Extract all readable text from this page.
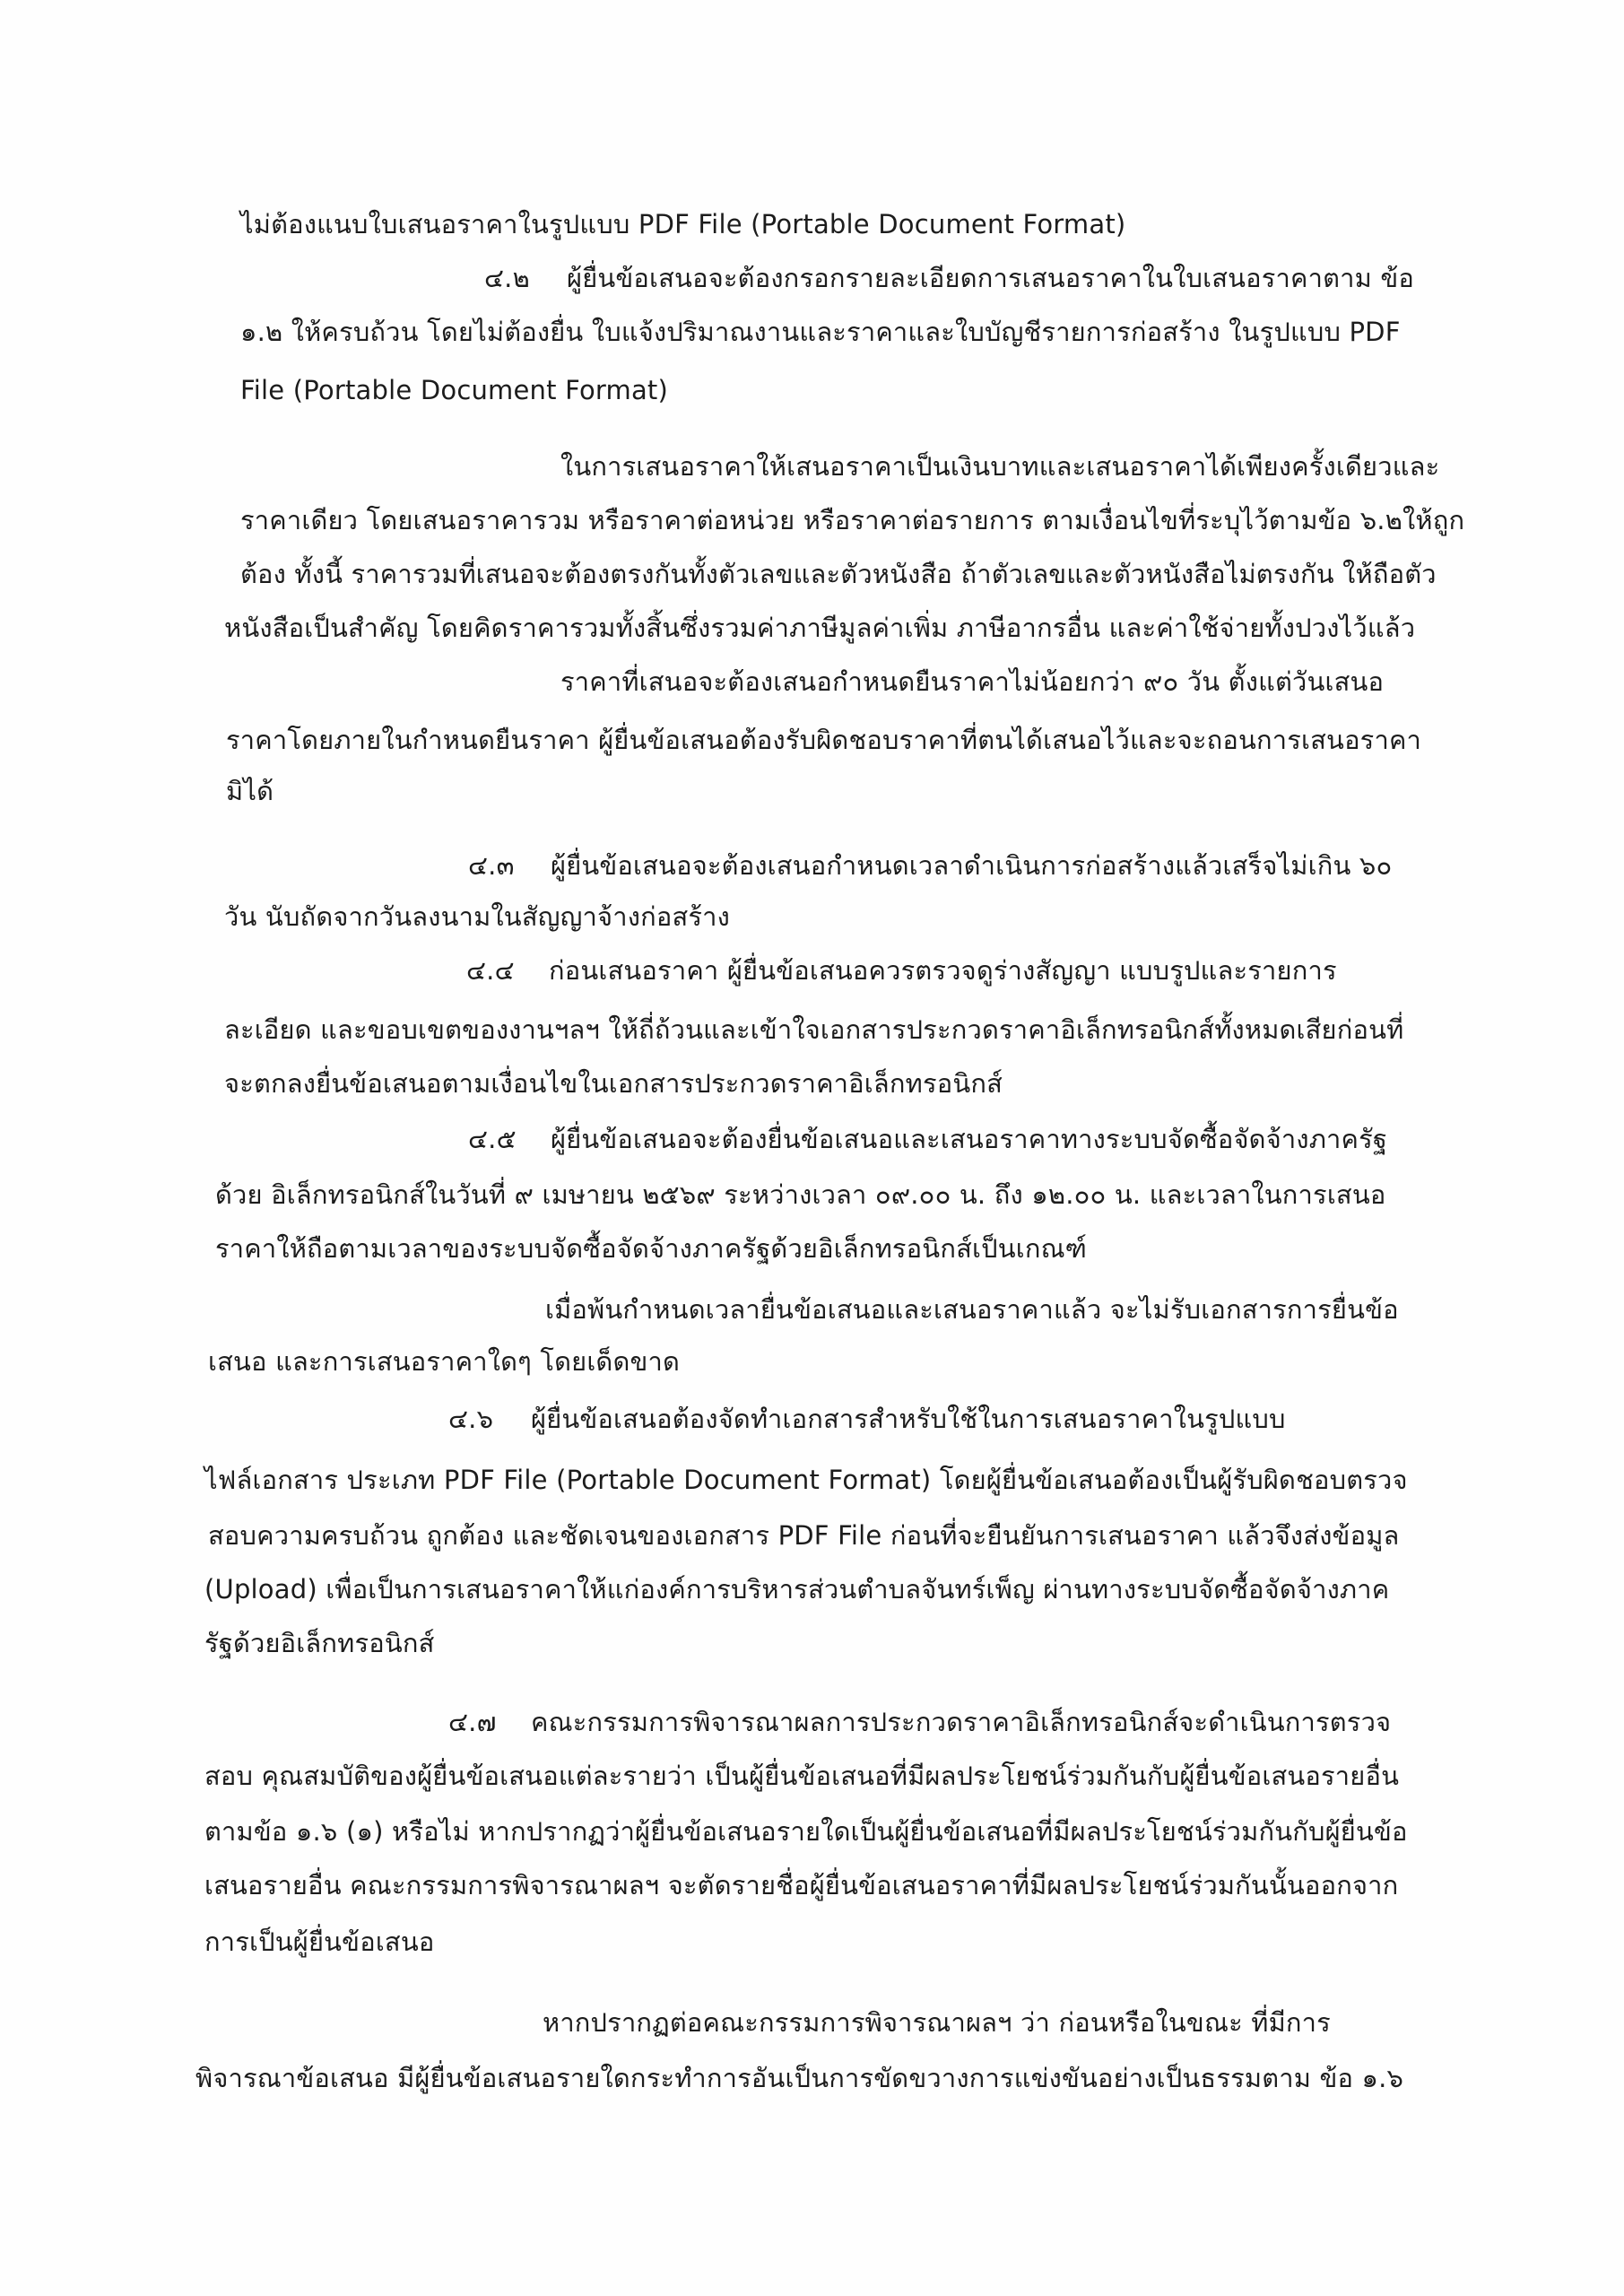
ไม่ต้องแนบใบเสนอราคาในรูปแบบ PDF File (Portable Document Format)
๔.๒ ผู้ยื่นข้อเสนอจะต้องกรอกรายละเอียดการเสนอราคาในใบเสนอราคาตาม ข้อ
๑.๒ ให้ครบถ้วน โดยไม่ต้องยื่น ใบแจ้งปริมาณงานและราคาและใบบัญชีรายการก่อสร้าง ในรูปแบบ PDF
File (Portable Document Format)
ในการเสนอราคาให้เสนอราคาเป็นเงินบาทและเสนอราคาได้เพียงครั้งเดียวและ
ราคาเดียว โดยเสนอราคารวม หรือราคาต่อหน่วย หรือราคาต่อรายการ ตามเงื่อนไขที่ระบุไว้ตามข้อ ๖.๒ให้ถูก
ต้อง ทั้งนี้ ราคารวมที่เสนอจะต้องตรงกันทั้งตัวเลขและตัวหนังสือ ถ้าตัวเลขและตัวหนังสือไม่ตรงกัน ให้ถือตัว
หนังสือเป็นสำคัญ โดยคิดราคารวมทั้งสิ้นซึ่งรวมค่าภาษีมูลค่าเพิ่ม ภาษีอากรอื่น และค่าใช้จ่ายทั้งปวงไว้แล้ว
ราคาที่เสนอจะต้องเสนอกำหนดยืนราคาไม่น้อยกว่า ๙๐ วัน ตั้งแต่วันเสนอ
ราคาโดยภายในกำหนดยืนราคา ผู้ยื่นข้อเสนอต้องรับผิดชอบราคาที่ตนได้เสนอไว้และจะถอนการเสนอราคา
มิได้
๔.๓ ผู้ยื่นข้อเสนอจะต้องเสนอกำหนดเวลาดำเนินการก่อสร้างแล้วเสร็จไม่เกิน ๖๐
วัน นับถัดจากวันลงนามในสัญญาจ้างก่อสร้าง
๔.๔ ก่อนเสนอราคา ผู้ยื่นข้อเสนอควรตรวจดูร่างสัญญา แบบรูปและรายการ
ละเอียด และขอบเขตของงานฯลฯ ให้ถี่ถ้วนและเข้าใจเอกสารประกวดราคาอิเล็กทรอนิกส์ทั้งหมดเสียก่อนที่
จะตกลงยื่นข้อเสนอตามเงื่อนไขในเอกสารประกวดราคาอิเล็กทรอนิกส์
๔.๕ ผู้ยื่นข้อเสนอจะต้องยื่นข้อเสนอและเสนอราคาทางระบบจัดซื้อจัดจ้างภาครัฐ
ด้วย อิเล็กทรอนิกส์ในวันที่ ๙ เมษายน ๒๕๖๙ ระหว่างเวลา ๐๙.๐๐ น. ถึง ๑๒.๐๐ น. และเวลาในการเสนอ
ราคาให้ถือตามเวลาของระบบจัดซื้อจัดจ้างภาครัฐด้วยอิเล็กทรอนิกส์เป็นเกณฑ์
เมื่อพ้นกำหนดเวลายื่นข้อเสนอและเสนอราคาแล้ว จะไม่รับเอกสารการยื่นข้อ
เสนอ และการเสนอราคาใดๆ โดยเด็ดขาด
๔.๖ ผู้ยื่นข้อเสนอต้องจัดทำเอกสารสำหรับใช้ในการเสนอราคาในรูปแบบ
ไฟล์เอกสาร ประเภท PDF File (Portable Document Format) โดยผู้ยื่นข้อเสนอต้องเป็นผู้รับผิดชอบตรวจ
สอบความครบถ้วน ถูกต้อง และชัดเจนของเอกสาร PDF File ก่อนที่จะยืนยันการเสนอราคา แล้วจึงส่งข้อมูล
(Upload) เพื่อเป็นการเสนอราคาให้แก่องค์การบริหารส่วนตำบลจันทร์เพ็ญ ผ่านทางระบบจัดซื้อจัดจ้างภาค
รัฐด้วยอิเล็กทรอนิกส์
๔.๗ คณะกรรมการพิจารณาผลการประกวดราคาอิเล็กทรอนิกส์จะดำเนินการตรวจ
สอบ คุณสมบัติของผู้ยื่นข้อเสนอแต่ละรายว่า เป็นผู้ยื่นข้อเสนอที่มีผลประโยชน์ร่วมกันกับผู้ยื่นข้อเสนอรายอื่น
ตามข้อ ๑.๖ (๑) หรือไม่ หากปรากฏว่าผู้ยื่นข้อเสนอรายใดเป็นผู้ยื่นข้อเสนอที่มีผลประโยชน์ร่วมกันกับผู้ยื่นข้อ
เสนอรายอื่น คณะกรรมการพิจารณาผลฯ จะตัดรายชื่อผู้ยื่นข้อเสนอราคาที่มีผลประโยชน์ร่วมกันนั้นออกจาก
การเป็นผู้ยื่นข้อเสนอ
หากปรากฏต่อคณะกรรมการพิจารณาผลฯ ว่า ก่อนหรือในขณะ ที่มีการ
พิจารณาข้อเสนอ มีผู้ยื่นข้อเสนอรายใดกระทำการอันเป็นการขัดขวางการแข่งขันอย่างเป็นธรรมตาม ข้อ ๑.๖
